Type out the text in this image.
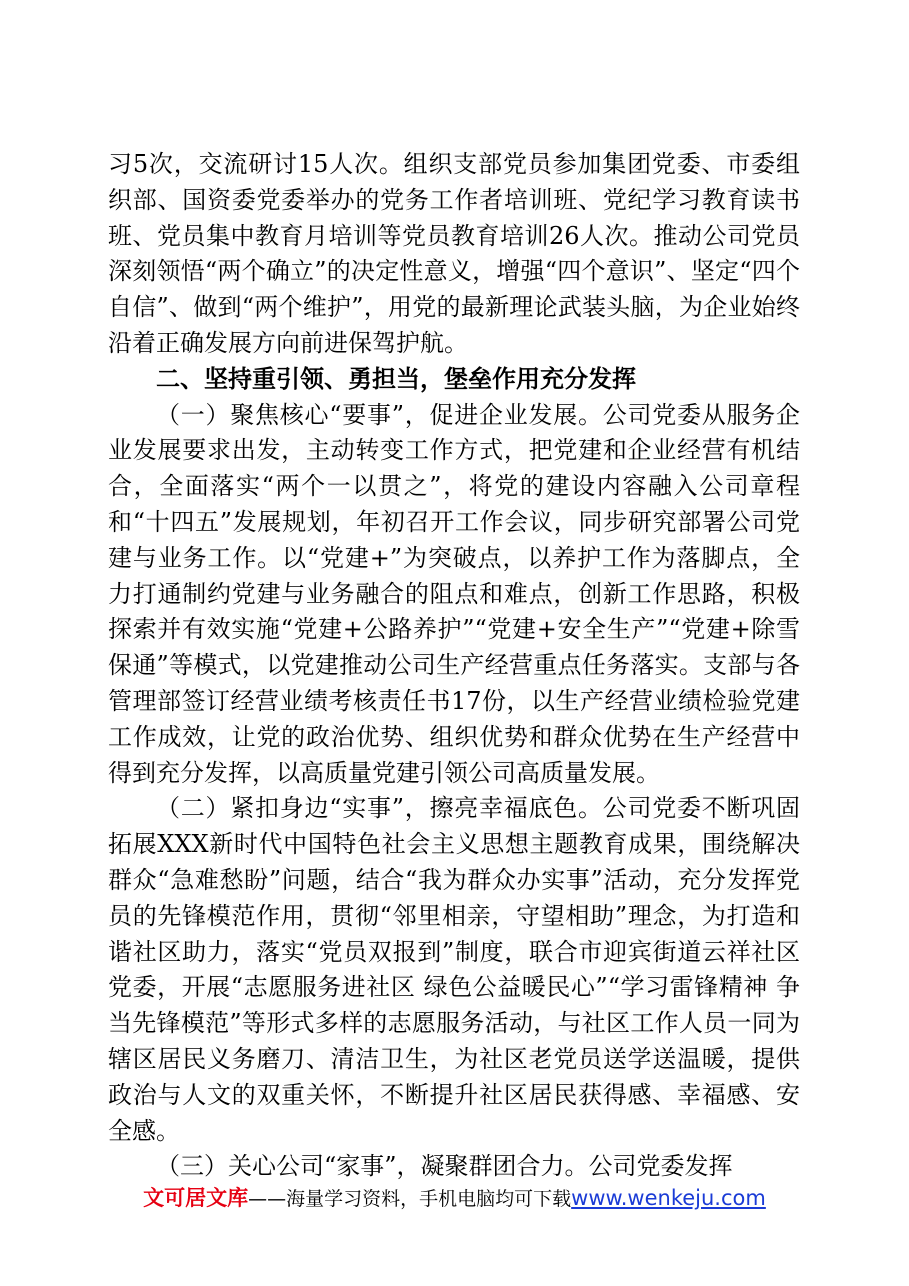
习5次，交流研讨15人次。组织支部党员参加集团党委、市委组织部、国资委党委举办的党务工作者培训班、党纪学习教育读书班、党员集中教育月培训等党员教育培训26人次。推动公司党员深刻领悟“两个确立”的决定性意义，增强“四个意识”、坚定“四个自信”、做到“两个维护”，用党的最新理论武装头脑，为企业始终沿着正确发展方向前进保驾护航。

二、坚持重引领、勇担当，堡垒作用充分发挥

（一）聚焦核心“要事”，促进企业发展。公司党委从服务企业发展要求出发，主动转变工作方式，把党建和企业经营有机结合，全面落实“两个一以贯之”，将党的建设内容融入公司章程和“十四五”发展规划，年初召开工作会议，同步研究部署公司党建与业务工作。以“党建+”为突破点，以养护工作为落脚点，全力打通制约党建与业务融合的阻点和难点，创新工作思路，积极探索并有效实施“党建+公路养护”“党建+安全生产”“党建+除雪保通”等模式，以党建推动公司生产经营重点任务落实。支部与各管理部签订经营业绩考核责任书17份，以生产经营业绩检验党建工作成效，让党的政治优势、组织优势和群众优势在生产经营中得到充分发挥，以高质量党建引领公司高质量发展。

（二）紧扣身边“实事”，擦亮幸福底色。公司党委不断巩固拓展XXX新时代中国特色社会主义思想主题教育成果，围绕解决群众“急难愁盼”问题，结合“我为群众办实事”活动，充分发挥党员的先锋模范作用，贯彻“邻里相亲，守望相助”理念，为打造和谐社区助力，落实“党员双报到”制度，联合市迎宾街道云祥社区党委，开展“志愿服务进社区 绿色公益暖民心”“学习雷锋精神 争当先锋模范”等形式多样的志愿服务活动，与社区工作人员一同为辖区居民义务磨刀、清洁卫生，为社区老党员送学送温暖，提供政治与人文的双重关怀，不断提升社区居民获得感、幸福感、安全感。

（三）关心公司“家事”，凝聚群团合力。公司党委发挥

文可居文库——海量学习资料，手机电脑均可下载www.wenkeju.com
